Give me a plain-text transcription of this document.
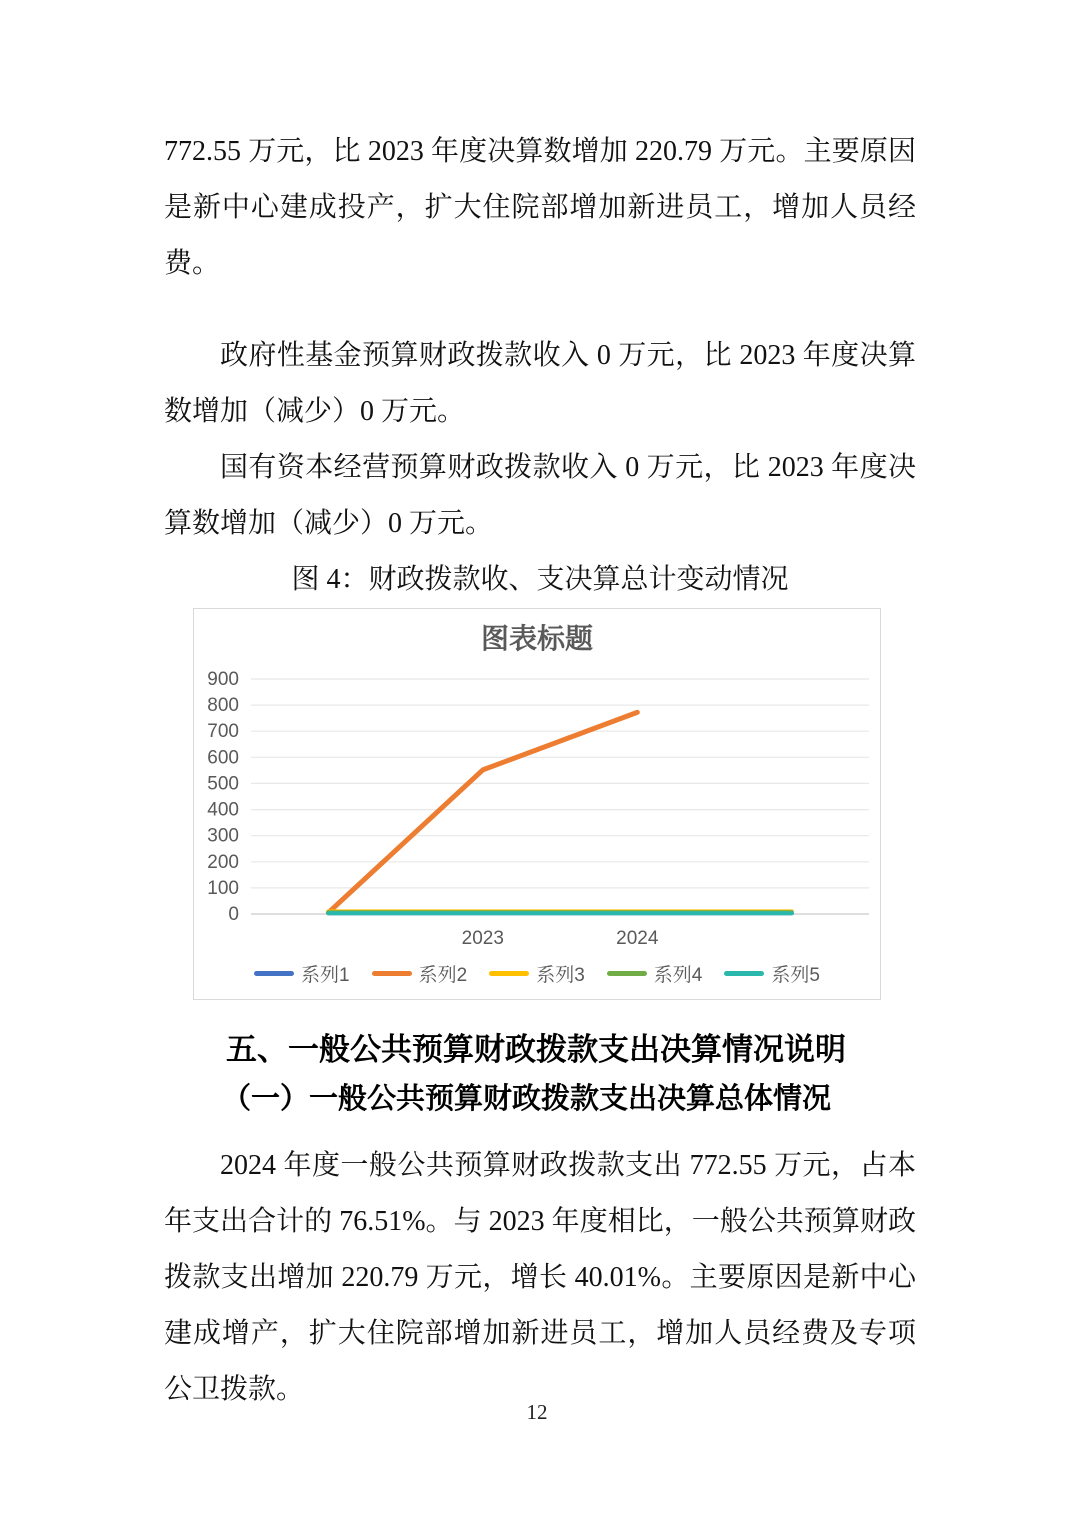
772.55 万元，比 2023 年度决算数增加 220.79 万元。主要原因是新中心建成投产，扩大住院部增加新进员工，增加人员经费。

政府性基金预算财政拨款收入 0 万元，比 2023 年度决算数增加（减少）0 万元。

国有资本经营预算财政拨款收入 0 万元，比 2023 年度决算数增加（减少）0 万元。

图 4：财政拨款收、支决算总计变动情况

图表标题
0
100
200
300
400
500
600
700
800
900
2023	2024
系列1	系列2	系列3	系列4	系列5
五、一般公共预算财政拨款支出决算情况说明
（一）一般公共预算财政拨款支出决算总体情况

2024 年度一般公共预算财政拨款支出 772.55 万元，占本年支出合计的 76.51%。与 2023 年度相比，一般公共预算财政拨款支出增加 220.79 万元，增长 40.01%。主要原因是新中心建成增产，扩大住院部增加新进员工，增加人员经费及专项公卫拨款。

12
